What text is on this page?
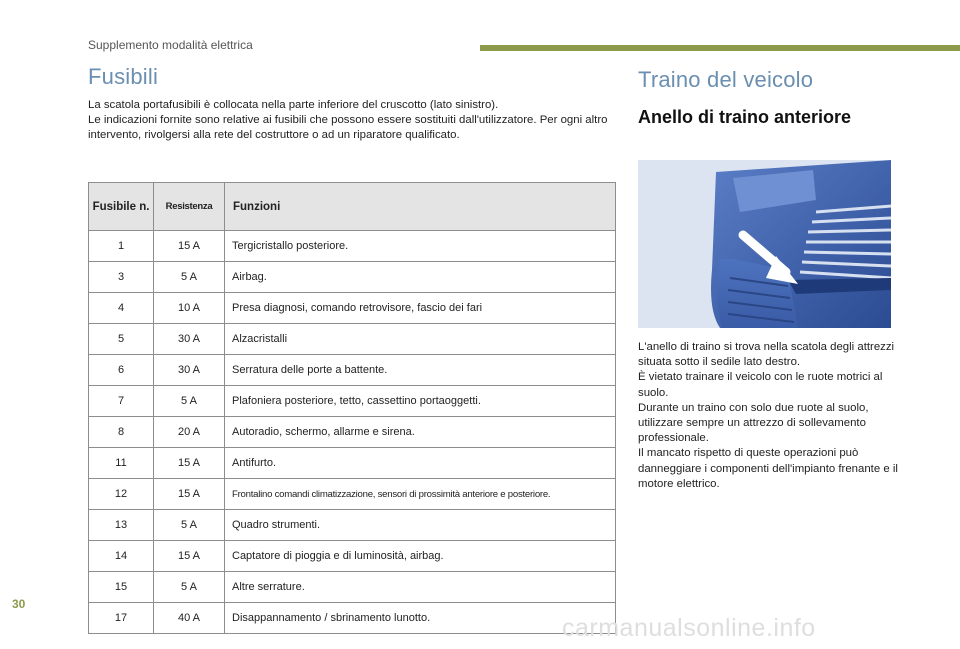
Supplemento modalità elettrica
Fusibili

La scatola portafusibili è collocata nella parte inferiore del cruscotto (lato sinistro).

Le indicazioni fornite sono relative ai fusibili che possono essere sostituiti dall'utilizzatore. Per ogni altro intervento, rivolgersi alla rete del costruttore o ad un riparatore qualificato.

Fusibile n.	Resistenza	Funzioni
1	15 A	Tergicristallo posteriore.
3	5 A	Airbag.
4	10 A	Presa diagnosi, comando retrovisore, fascio dei fari
5	30 A	Alzacristalli
6	30 A	Serratura delle porte a battente.
7	5 A	Plafoniera posteriore, tetto, cassettino portaoggetti.
8	20 A	Autoradio, schermo, allarme e sirena.
11	15 A	Antifurto.
12	15 A	Frontalino comandi climatizzazione, sensori di prossimità anteriore e posteriore.
13	5 A	Quadro strumenti.
14	15 A	Captatore di pioggia e di luminosità, airbag.
15	5 A	Altre serrature.
17	40 A	Disappannamento / sbrinamento lunotto.
Traino del veicolo
Anello di traino anteriore

L'anello di traino si trova nella scatola degli attrezzi situata sotto il sedile lato destro.

È vietato trainare il veicolo con le ruote motrici al suolo.

Durante un traino con solo due ruote al suolo, utilizzare sempre un attrezzo di sollevamento professionale.

Il mancato rispetto di queste operazioni può danneggiare i componenti dell'impianto frenante e il motore elettrico.

30
carmanualsonline.info
